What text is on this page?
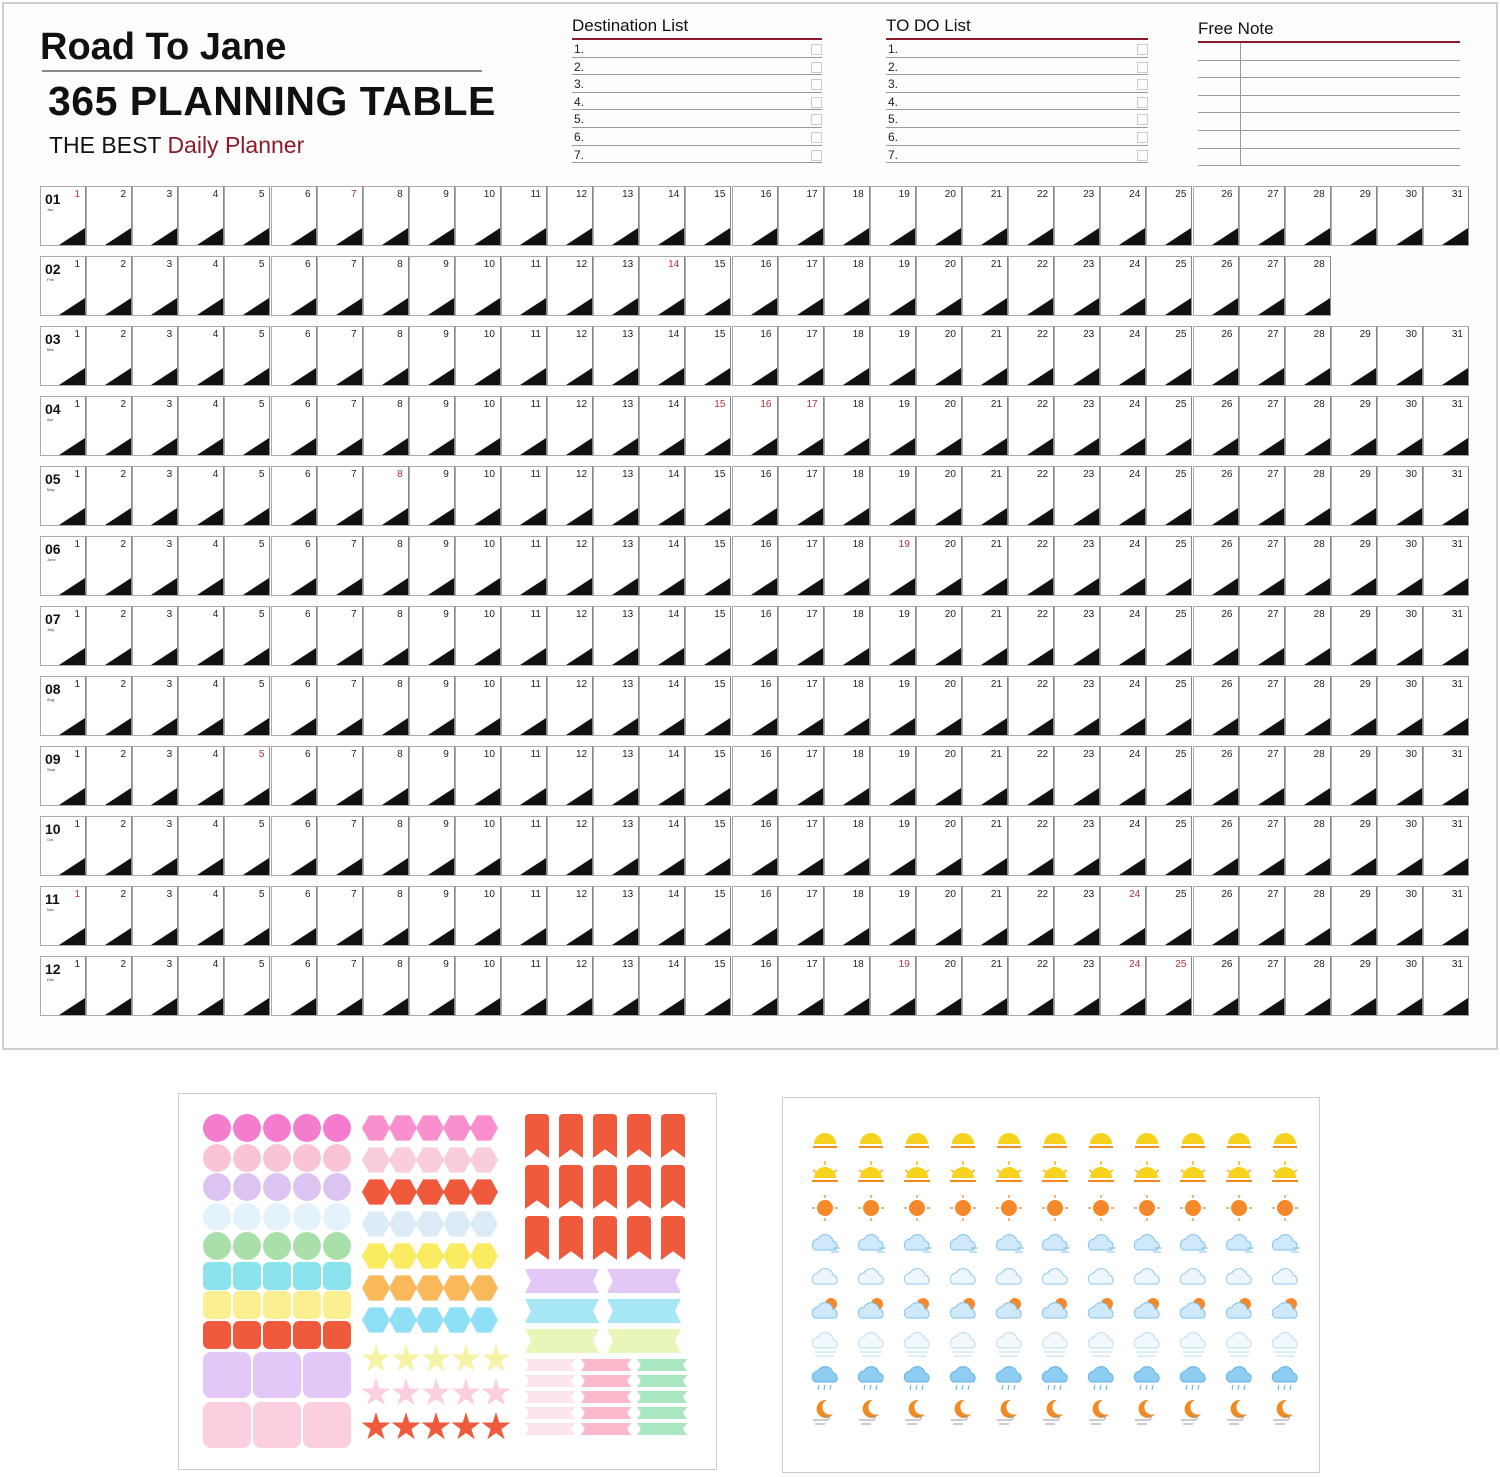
Road To Jane
365 PLANNING TABLE
THE BEST Daily Planner
Destination List
1.
2.
3.
4.
5.
6.
7.
TO DO List
1.
2.
3.
4.
5.
6.
7.
Free Note
01
Jan
1	2	3	4	5	6	7	8	9	10	11	12	13	14	15	16	17	18	19	20	21	22	23	24	25	26	27	28	29	30	31
02
Feb
1	2	3	4	5	6	7	8	9	10	11	12	13	14	15	16	17	18	19	20	21	22	23	24	25	26	27	28
03
Mar
1	2	3	4	5	6	7	8	9	10	11	12	13	14	15	16	17	18	19	20	21	22	23	24	25	26	27	28	29	30	31
04
Apr
1	2	3	4	5	6	7	8	9	10	11	12	13	14	15	16	17	18	19	20	21	22	23	24	25	26	27	28	29	30	31
05
May
1	2	3	4	5	6	7	8	9	10	11	12	13	14	15	16	17	18	19	20	21	22	23	24	25	26	27	28	29	30	31
06
June
1	2	3	4	5	6	7	8	9	10	11	12	13	14	15	16	17	18	19	20	21	22	23	24	25	26	27	28	29	30	31
07
July
1	2	3	4	5	6	7	8	9	10	11	12	13	14	15	16	17	18	19	20	21	22	23	24	25	26	27	28	29	30	31
08
Aug
1	2	3	4	5	6	7	8	9	10	11	12	13	14	15	16	17	18	19	20	21	22	23	24	25	26	27	28	29	30	31
09
Sept
1	2	3	4	5	6	7	8	9	10	11	12	13	14	15	16	17	18	19	20	21	22	23	24	25	26	27	28	29	30	31
10
Oct
1	2	3	4	5	6	7	8	9	10	11	12	13	14	15	16	17	18	19	20	21	22	23	24	25	26	27	28	29	30	31
11
Nov
1	2	3	4	5	6	7	8	9	10	11	12	13	14	15	16	17	18	19	20	21	22	23	24	25	26	27	28	29	30	31
12
Dec
1	2	3	4	5	6	7	8	9	10	11	12	13	14	15	16	17	18	19	20	21	22	23	24	25	26	27	28	29	30	31
